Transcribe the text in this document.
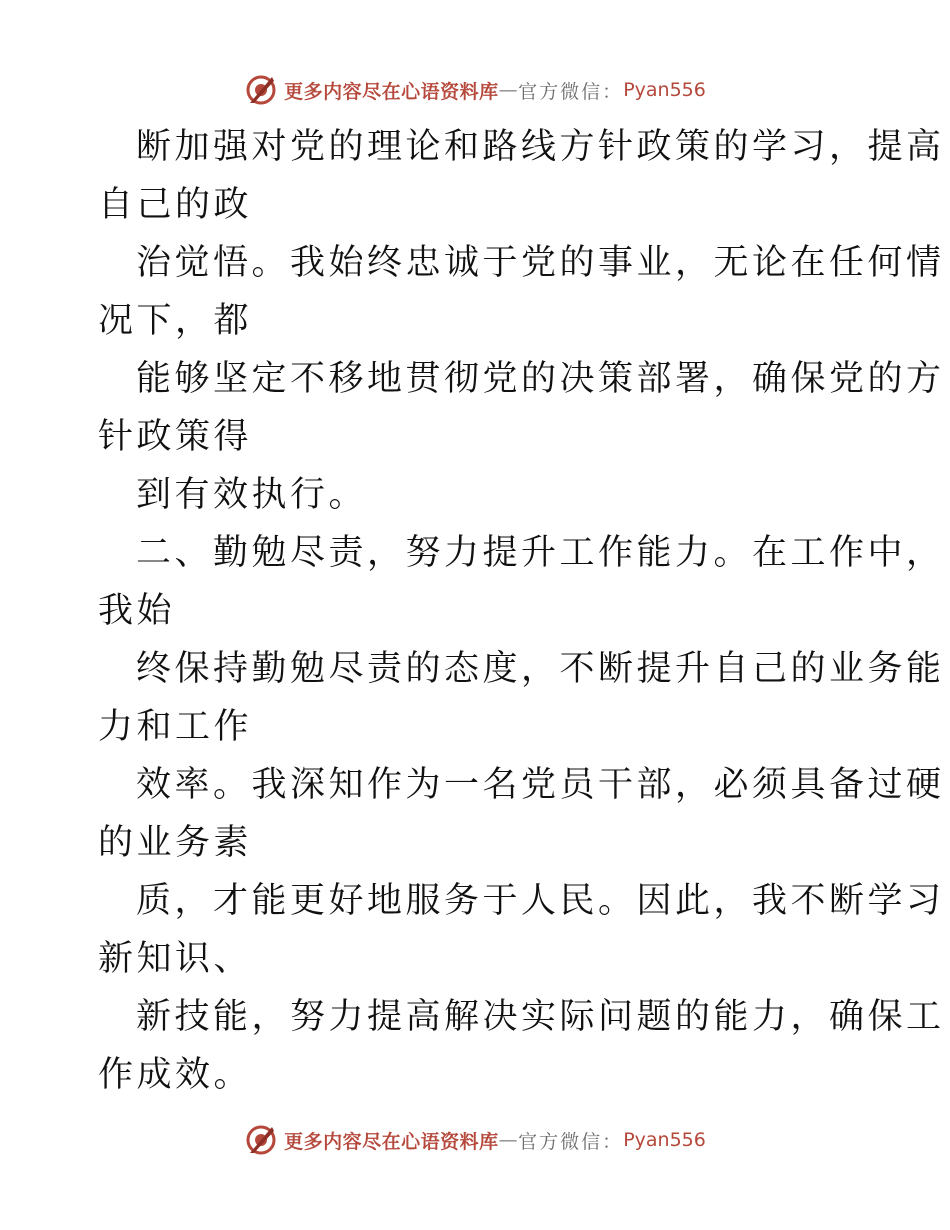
更多内容尽在心语资料库 — 官方微信： Pyan556
断加强对党的理论和路线方针政策的学习，提高
自己的政
治觉悟。我始终忠诚于党的事业，无论在任何情
况下，都
能够坚定不移地贯彻党的决策部署，确保党的方
针政策得
到有效执行。
二、勤勉尽责，努力提升工作能力。在工作中，
我始
终保持勤勉尽责的态度，不断提升自己的业务能
力和工作
效率。我深知作为一名党员干部，必须具备过硬
的业务素
质，才能更好地服务于人民。因此，我不断学习
新知识、
新技能，努力提高解决实际问题的能力，确保工
作成效。
更多内容尽在心语资料库 — 官方微信： Pyan556
